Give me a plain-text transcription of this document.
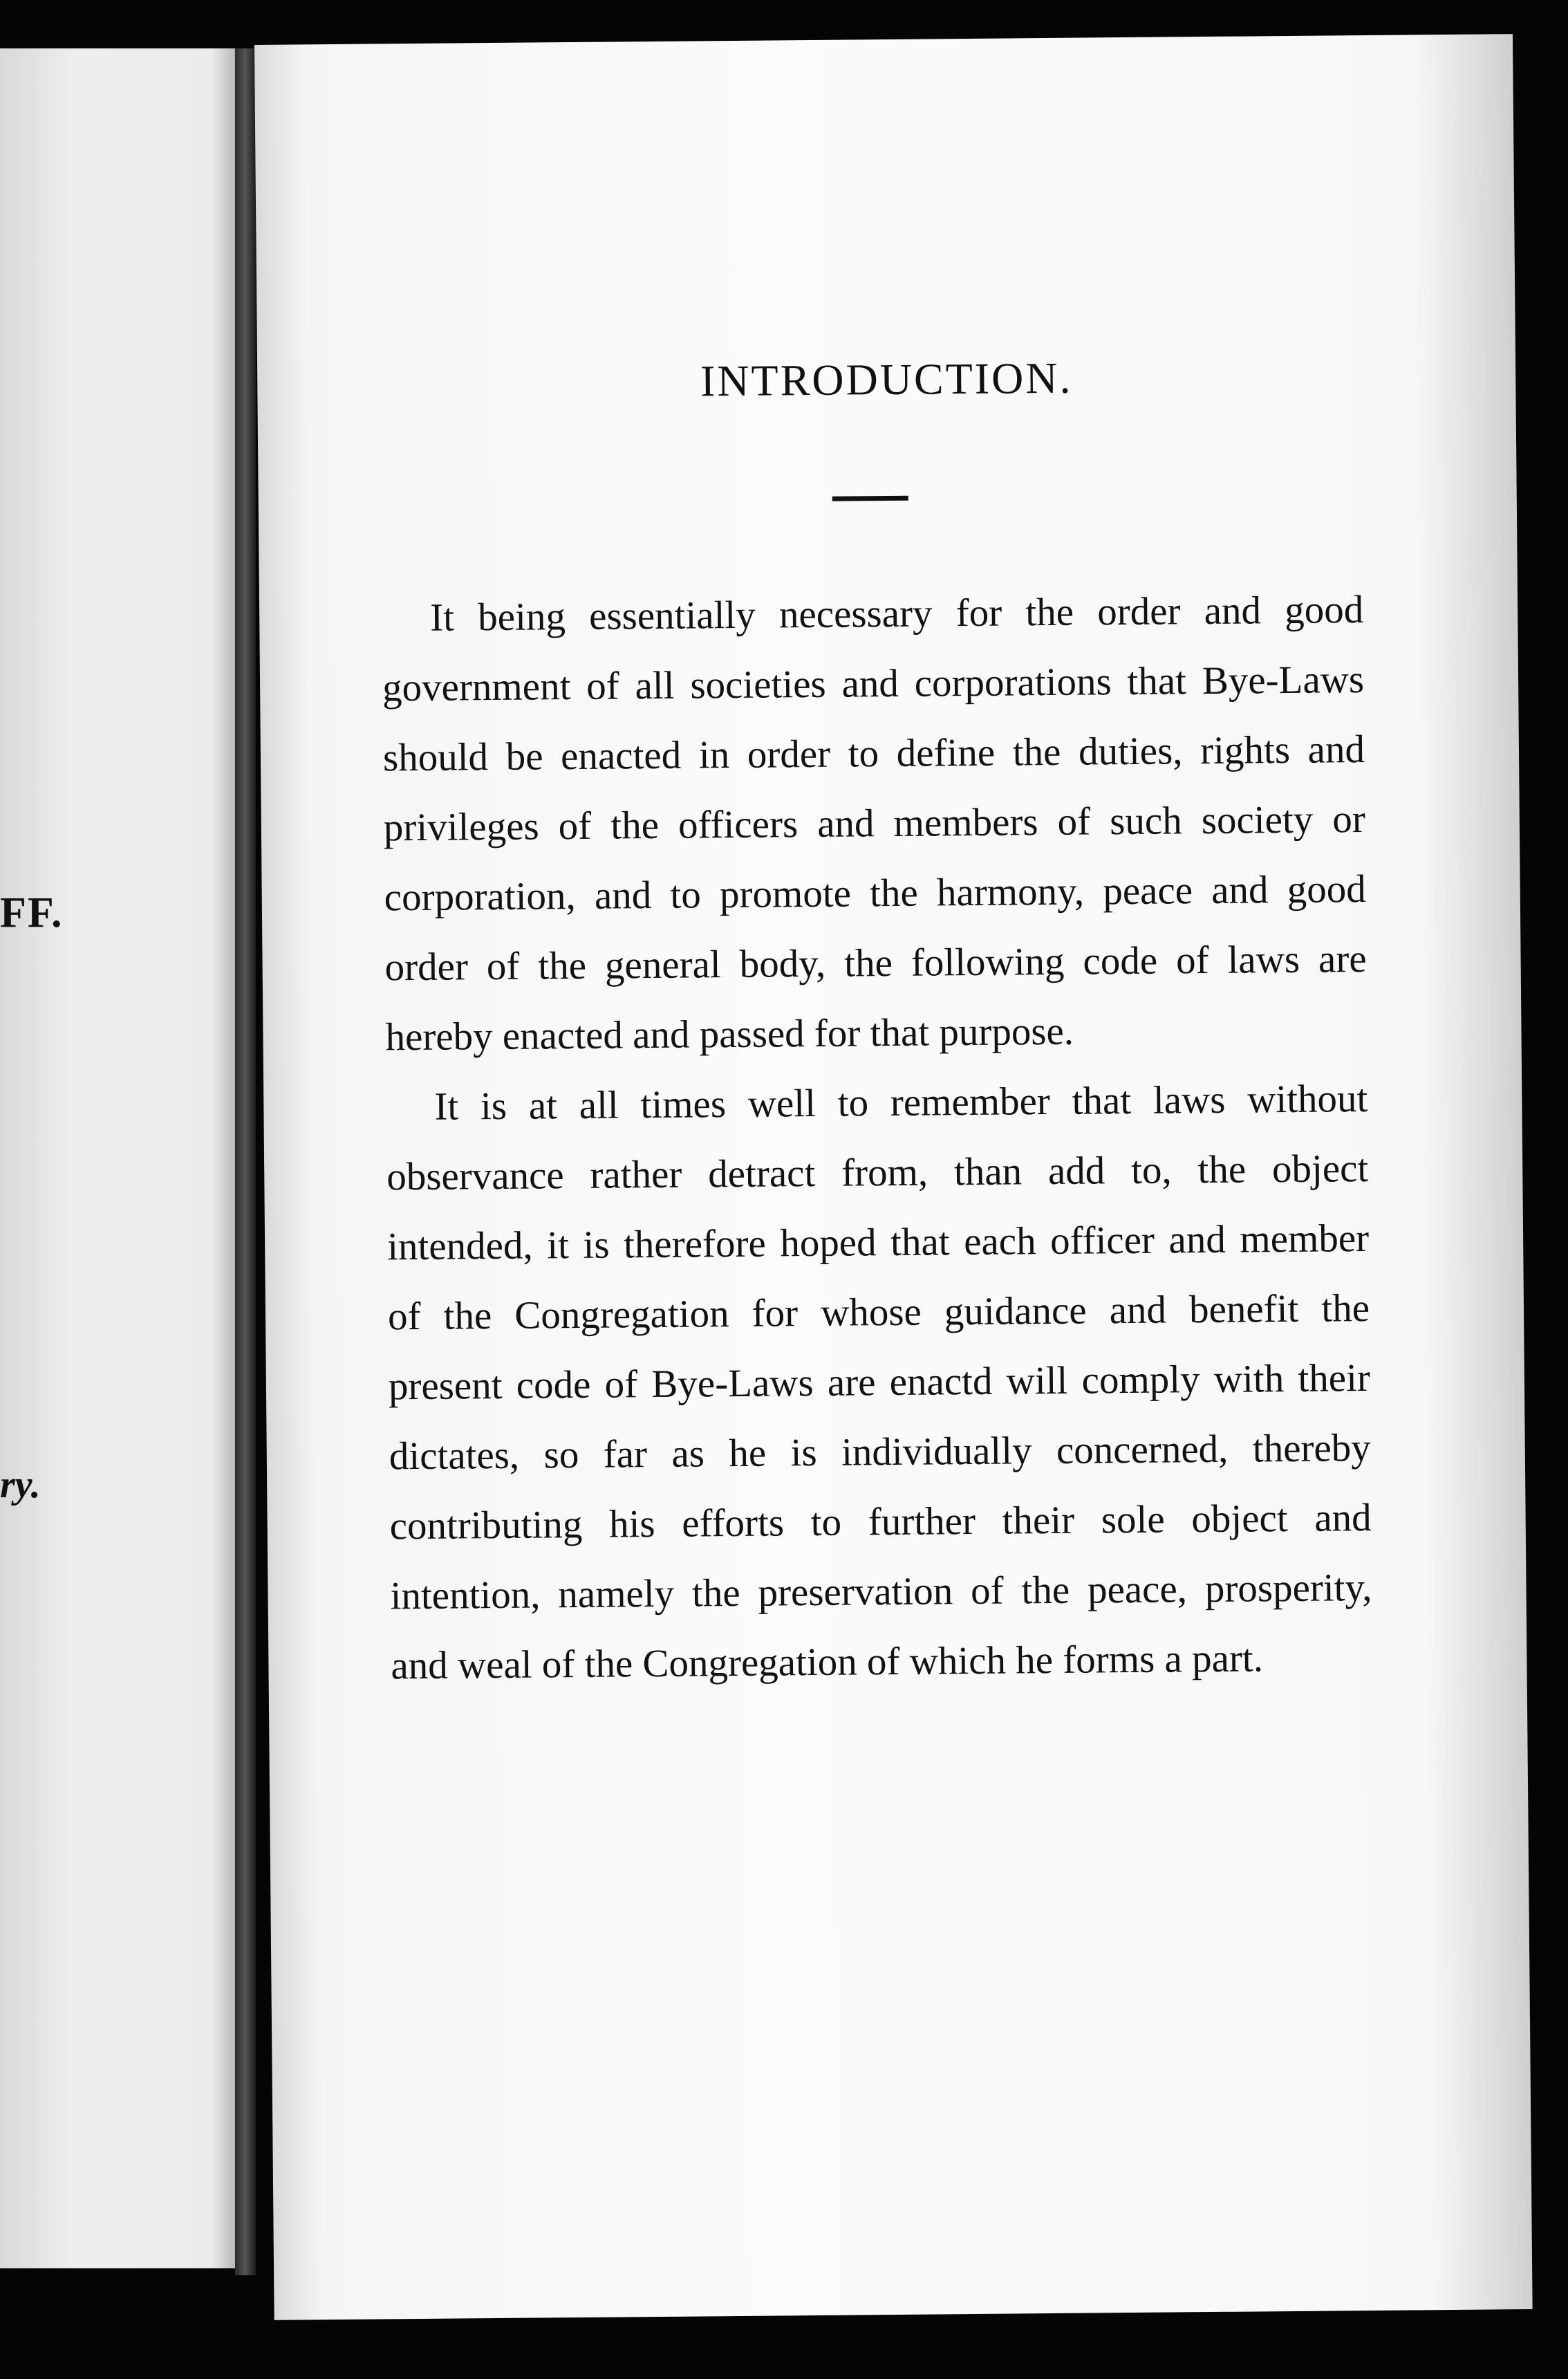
FF.
ry.
INTRODUCTION.

It being essentially necessary for the order and good government of all societies and corporations that Bye-Laws should be enacted in order to define the duties, rights and privileges of the officers and members of such society or corporation, and to promote the harmony, peace and good order of the general body, the following code of laws are hereby enacted and passed for that purpose.

It is at all times well to remember that laws without observance rather detract from, than add to, the object intended, it is therefore hoped that each officer and member of the Congregation for whose guidance and benefit the present code of Bye-Laws are enactd will comply with their dictates, so far as he is individually concerned, thereby contributing his efforts to further their sole object and intention, namely the preservation of the peace, prosperity, and weal of the Congregation of which he forms a part.
